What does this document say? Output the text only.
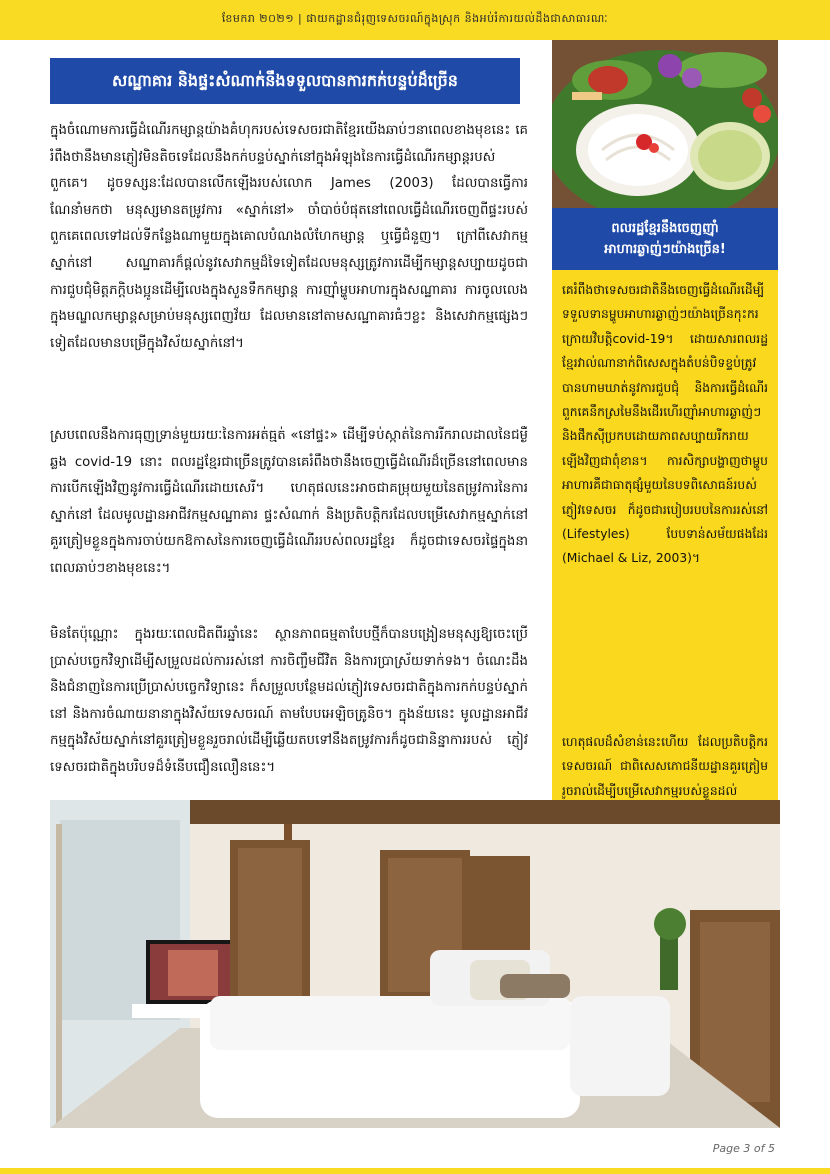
ខែមករា ២០២១ | ផាយកដ្ឋានជំរុញទេសចរណ៍ក្នុងស្រុក និងអប់រំការយល់ដឹងជាសាធារណៈ
សណ្ឋាគារ និងផ្ទះសំណាក់នឹងទទួលបានការកក់បន្ទប់ដ៏ច្រើន

ក្នុងចំណោមការធ្វើដំណើរកម្សាន្តយ៉ាងគំហុករបស់ទេសចរជាតិខ្មែរយើងឆាប់ៗនាពេលខាងមុខនេះ គេរំពឹងថានឹងមានភ្ញៀវមិនតិចទេដែលនឹងកក់បន្ទប់ស្នាក់នៅក្នុងអំឡុងនៃការធ្វើដំណើរកម្សាន្តរបស់ពួកគេ។ ដូចទស្សនៈដែលបានលើកឡើងរបស់លោក James (2003) ដែលបានធ្វើការណែនាំមកថា មនុស្សមានតម្រូវការ «ស្នាក់នៅ» ចាំបាច់បំផុតនៅពេលធ្វើដំណើរចេញពីផ្ទះរបស់ពួកគេពេលទៅដល់ទីកន្លែងណាមួយក្នុងគោលបំណងលំហែកម្សាន្ត ឬធ្វើជំនួញ។ ក្រៅពីសេវាកម្មស្នាក់នៅ សណ្ឋាគារក៏ផ្តល់នូវសេវាកម្មដ៏ទៃទៀតដែលមនុស្សត្រូវការដើម្បីកម្សាន្តសប្បាយដូចជា ការជួបជុំមិត្តភក្តិបងប្អូនដើម្បីលេងក្នុងសួនទឹកកម្សាន្ត ការញ៉ាំម្ហូបអាហារក្នុងសណ្ឋាគារ ការចូលលេងក្នុងមណ្ឌលកម្សាន្តសម្រាប់មនុស្សពេញវ័យ ដែលមាននៅតាមសណ្ឋាគារធំៗខ្លះ និងសេវាកម្មផ្សេងៗទៀតដែលមានបម្រើក្នុងវិស័យស្នាក់នៅ។

ស្របពេលនឹងការធុញទ្រាន់មួយរយៈនៃការអត់ធ្មត់ «នៅផ្ទះ» ដើម្បីទប់ស្កាត់នៃការរីករាលដាលនៃជម្ងឺឆ្លង covid-19 នោះ ពលរដ្ឋខ្មែរជាច្រើនត្រូវបានគេរំពឹងថានឹងចេញធ្វើដំណើរដ៏ច្រើននៅពេលមានការបើកឡើងវិញនូវការធ្វើដំណើរដោយសេរី។ ហេតុផលនេះអាចជាគម្រុយមួយនៃតម្រូវការនៃការស្នាក់នៅ ដែលមូលដ្ឋានអាជីវកម្មសណ្ឋាគារ ផ្ទះសំណាក់ និងប្រតិបត្តិករដែលបម្រើសេវាកម្មស្នាក់នៅ គួរត្រៀមខ្លួនក្នុងការចាប់យកឱកាសនៃការចេញធ្វើដំណើររបស់ពលរដ្ឋខ្មែរ ក៏ដូចជាទេសចរផ្ទៃក្នុងនាពេលឆាប់ៗខាងមុខនេះ។

មិនតែប៉ុណ្ណោះ ក្នុងរយៈពេលជិតពីរឆ្នាំនេះ ស្ថានភាពធម្មតាបែបថ្មីក៏បានបង្រៀនមនុស្សឱ្យចេះប្រើប្រាស់បច្ចេកវិទ្យាដើម្បីសម្រួលដល់ការរស់នៅ ការចិញ្ចឹមជីវិត និងការប្រាស្រ័យទាក់ទង។ ចំណេះដឹង និងជំនាញនៃការប្រើប្រាស់បច្ចេកវិទ្យានេះ ក៏សម្រួលបន្ថែមដល់ភ្ញៀវទេសចរជាតិក្នុងការកក់បន្ទប់ស្នាក់នៅ និងការចំណាយនានាក្នុងវិស័យទេសចរណ៍ តាមបែបអេឡិចត្រូនិច។ ក្នុងន័យនេះ មូលដ្ឋានអាជីវកម្មក្នុងវិស័យស្នាក់នៅគួរត្រៀមខ្លួនរួចរាល់ដើម្បីឆ្លើយតបទៅនឹងតម្រូវការក៏ដូចជានិន្នាការរបស់ ភ្ញៀវទេសចរជាតិក្នុងបរិបទដ៏ទំនើបជឿនលឿននេះ។

ពលរដ្ឋខ្មែរនឹងចេញញ៉ាំ
អាហារឆ្ងាញ់ៗយ៉ាងច្រើន!

គេរំពឹងថាទេសចរជាតិនឹងចេញធ្វើដំណើរដើម្បីទទួលទានម្ហូបអាហារឆ្ងាញ់ៗយ៉ាងច្រើនកុះករក្រោយវិបត្តិcovid-19។ ដោយសារពលរដ្ឋខ្មែរវាល់ណានាក់ពិសេសក្នុងតំបន់បិទខ្ទប់ត្រូវបានហាមឃាត់នូវការជួបជុំ និងការធ្វើដំណើរ ពួកគេនឹកស្រមៃនឹងដើរហើរញ៉ាំអាហារឆ្ងាញ់ៗ និងផឹកស៊ីប្រកបដោយភាពសប្បាយរីករាយឡើងវិញជាពុំខាន។ ការសិក្សាបង្ហាញថាម្ហូបអាហារគឺជាធាតុផ្សំមួយនៃបទពិសោធន៍របស់ភ្ញៀវទេសចរ ក៏ដូចជារបៀបរបបនៃការរស់នៅ (Lifestyles) បែបទាន់សម័យផងដែរ (Michael & Liz, 2003)។

ហេតុផលដ៏សំខាន់នេះហើយ ដែលប្រតិបត្តិករទេសចរណ៍ ជាពិសេសភោជនីយដ្ឋានគួរត្រៀមរួចរាល់ដើម្បីបម្រើសេវាកម្មរបស់ខ្លួនដល់

Page 3 of 5
